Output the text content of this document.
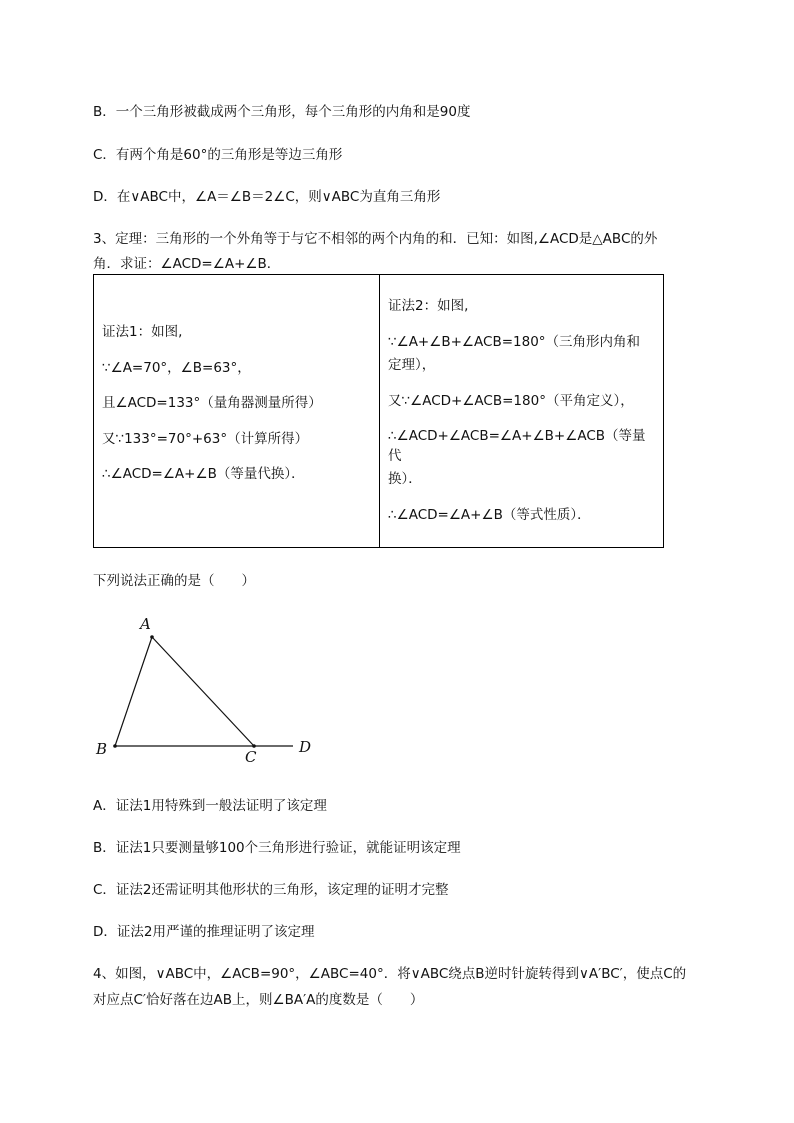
B．一个三角形被截成两个三角形，每个三角形的内角和是90度
C．有两个角是60°的三角形是等边三角形
D．在∨ABC中，∠A＝∠B＝2∠C，则∨ABC为直角三角形
3、定理：三角形的一个外角等于与它不相邻的两个内角的和．已知：如图,∠ACD是△ABC的外
角．求证：∠ACD=∠A+∠B．

证法1：如图,

∵∠A=70°，∠B=63°，

且∠ACD=133°（量角器测量所得）

又∵133°=70°+63°（计算所得）

∴∠ACD=∠A+∠B（等量代换）．

证法2：如图,

∵∠A+∠B+∠ACB=180°（三角形内角和

定理），

又∵∠ACD+∠ACB=180°（平角定义），

∴∠ACD+∠ACB=∠A+∠B+∠ACB（等量代

换）．

∴∠ACD=∠A+∠B（等式性质）．

下列说法正确的是（　　）
A
B	C
D
A．证法1用特殊到一般法证明了该定理
B．证法1只要测量够100个三角形进行验证，就能证明该定理
C．证法2还需证明其他形状的三角形，该定理的证明才完整
D．证法2用严谨的推理证明了该定理
4、如图，∨ABC中，∠ACB=90°，∠ABC=40°．将∨ABC绕点B逆时针旋转得到∨A′BC′，使点C的
对应点C′恰好落在边AB上，则∠BA′A的度数是（　　）
